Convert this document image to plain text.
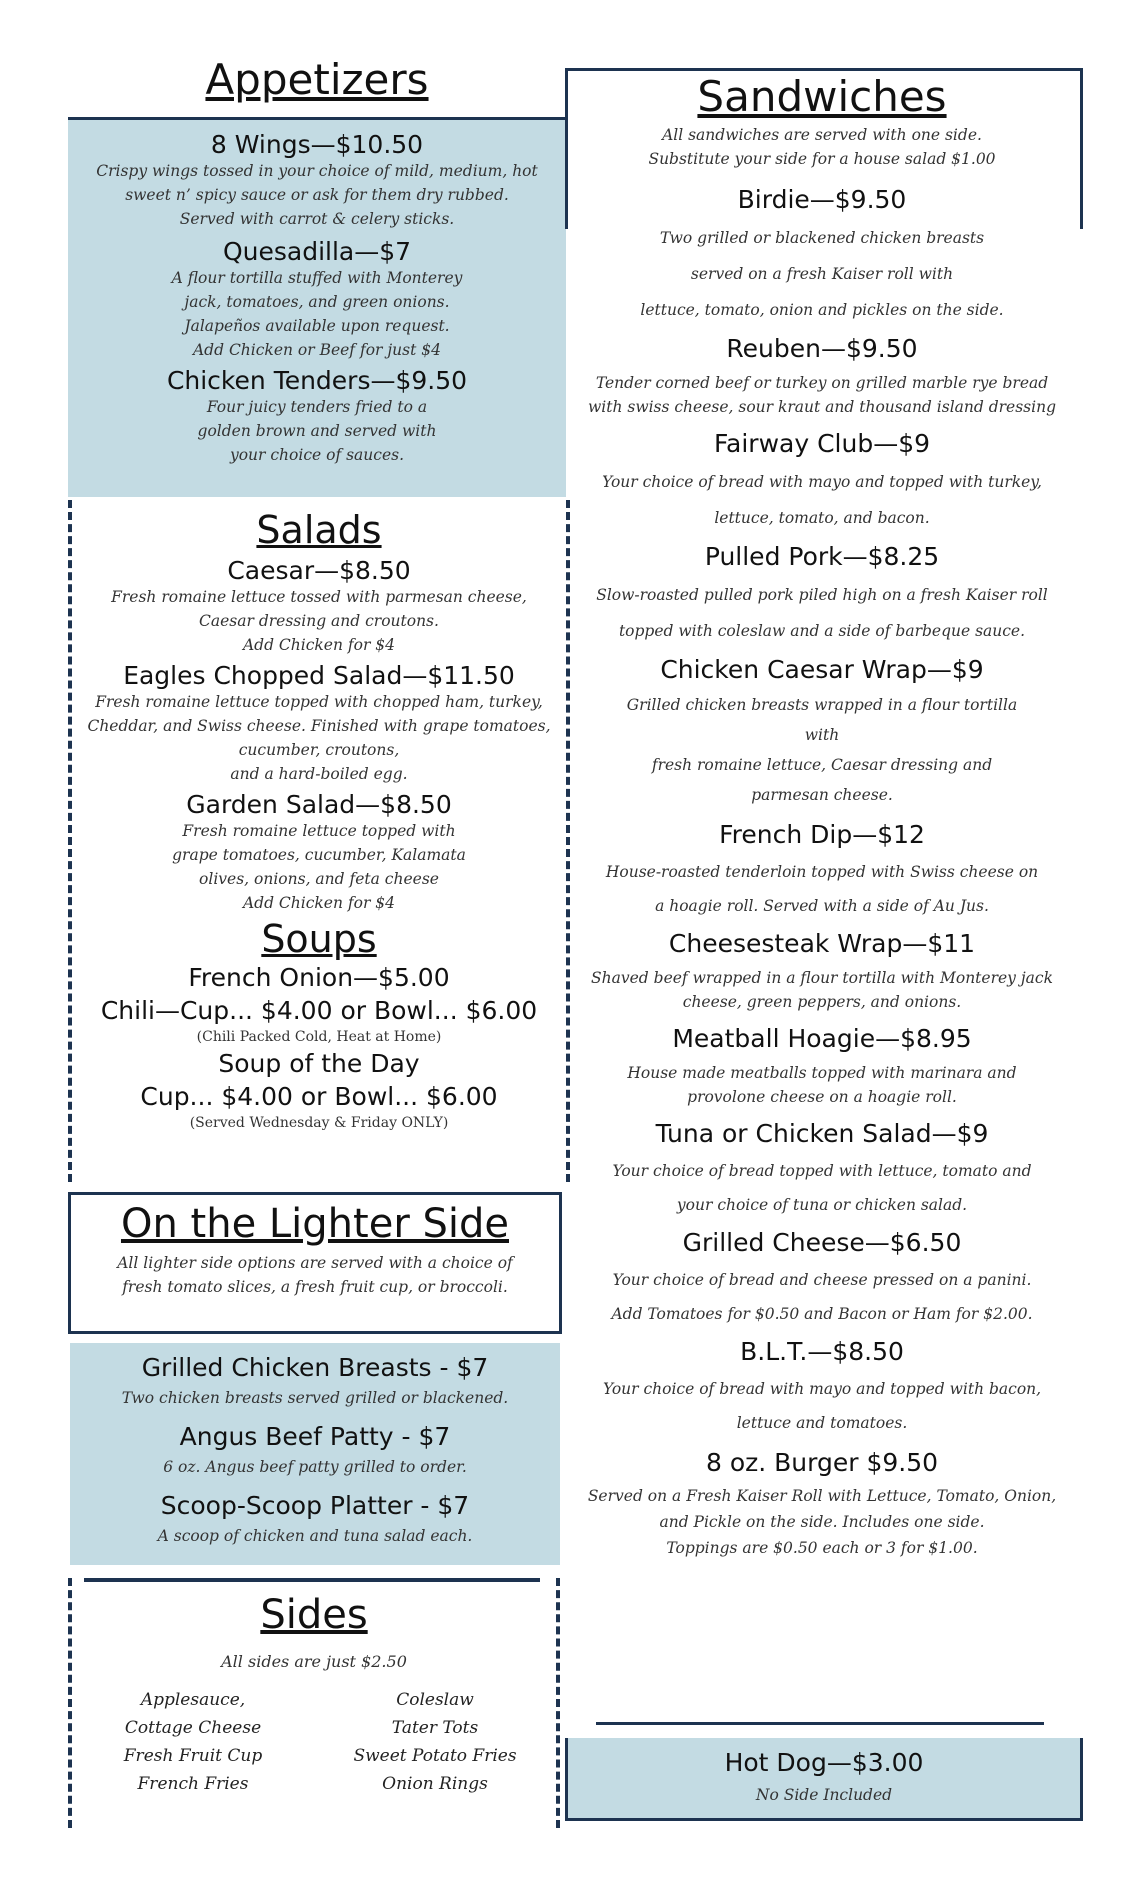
Appetizers
8 Wings—$10.50

Crispy wings tossed in your choice of mild, medium, hot sweet n’ spicy sauce or ask for them dry rubbed.

Served with carrot & celery sticks.

Quesadilla—$7

A flour tortilla stuffed with Monterey jack, tomatoes, and green onions.

Jalapeños available upon request.

Add Chicken or Beef for just $4

Chicken Tenders—$9.50
Four juicy tenders fried to a golden brown and served with your choice of sauces.
Salads
Caesar—$8.50

Fresh romaine lettuce tossed with parmesan cheese, Caesar dressing and croutons.

Add Chicken for $4

Eagles Chopped Salad—$11.50

Fresh romaine lettuce topped with chopped ham, turkey, Cheddar, and Swiss cheese. Finished with grape tomatoes, cucumber, croutons,

and a hard-boiled egg.

Garden Salad—$8.50

Fresh romaine lettuce topped with grape tomatoes, cucumber, Kalamata olives, onions, and feta cheese

Add Chicken for $4

Soups
French Onion—$5.00
Chili—Cup... $4.00 or Bowl... $6.00
(Chili Packed Cold, Heat at Home)
Soup of the Day
Cup... $4.00 or Bowl... $6.00
(Served Wednesday & Friday ONLY)
On the Lighter Side
All lighter side options are served with a choice of fresh tomato slices, a fresh fruit cup, or broccoli.
Grilled Chicken Breasts - $7
Two chicken breasts served grilled or blackened.
Angus Beef Patty - $7
6 oz. Angus beef patty grilled to order.
Scoop-Scoop Platter - $7
A scoop of chicken and tuna salad each.
Sides
All sides are just $2.50
Applesauce,	Coleslaw
Cottage Cheese	Tater Tots
Fresh Fruit Cup	Sweet Potato Fries
French Fries	Onion Rings
Sandwiches

All sandwiches are served with one side.

Substitute your side for a house salad $1.00

Birdie—$9.50

Two grilled or blackened chicken breasts

served on a fresh Kaiser roll with

lettuce, tomato, onion and pickles on the side.

Reuben—$9.50
Tender corned beef or turkey on grilled marble rye bread with swiss cheese, sour kraut and thousand island dressing
Fairway Club—$9

Your choice of bread with mayo and topped with turkey,

lettuce, tomato, and bacon.

Pulled Pork—$8.25

Slow-roasted pulled pork piled high on a fresh Kaiser roll

topped with coleslaw and a side of barbeque sauce.

Chicken Caesar Wrap—$9

Grilled chicken breasts wrapped in a flour tortilla with

fresh romaine lettuce, Caesar dressing and parmesan cheese.

French Dip—$12

House-roasted tenderloin topped with Swiss cheese on

a hoagie roll. Served with a side of Au Jus.

Cheesesteak Wrap—$11
Shaved beef wrapped in a flour tortilla with Monterey jack cheese, green peppers, and onions.
Meatball Hoagie—$8.95
House made meatballs topped with marinara and provolone cheese on a hoagie roll.
Tuna or Chicken Salad—$9

Your choice of bread topped with lettuce, tomato and

your choice of tuna or chicken salad.

Grilled Cheese—$6.50

Your choice of bread and cheese pressed on a panini.

Add Tomatoes for $0.50 and Bacon or Ham for $2.00.

B.L.T.—$8.50

Your choice of bread with mayo and topped with bacon,

lettuce and tomatoes.

8 oz. Burger $9.50

Served on a Fresh Kaiser Roll with Lettuce, Tomato, Onion, and Pickle on the side. Includes one side.

Toppings are $0.50 each or 3 for $1.00.

Hot Dog—$3.00
No Side Included
